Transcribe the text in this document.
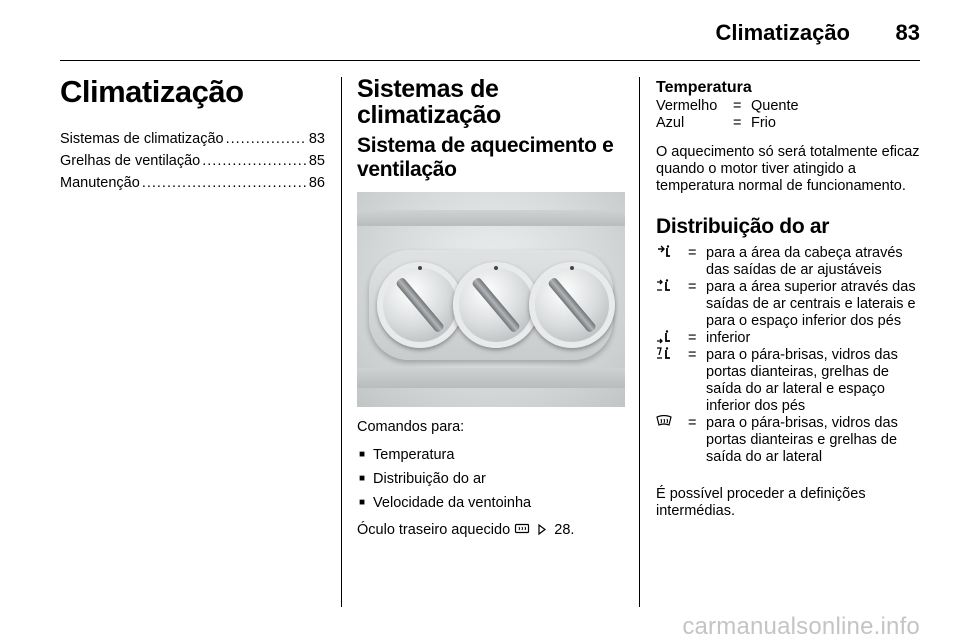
Climatização 83
Climatização
Sistemas de climatização .....	83
Grelhas de ventilação .....	85
Manutenção .....	86
Sistemas de
climatização
Sistema de aquecimento e
ventilação

Comandos para:

■ Temperatura
■ Distribuição do ar
■ Velocidade da ventoinha

Óculo traseiro aquecido	28.

Temperatura
Vermelho	=	Quente
Azul	=	Frio

O aquecimento só será totalmente eficaz quando o motor tiver atingido a temperatura normal de funcionamento.

Distribuição do ar
= para a área da cabeça através das saídas de ar ajustáveis
= para a área superior através das saídas de ar centrais e laterais e para o espaço inferior dos pés
= inferior
= para o pára-brisas, vidros das portas dianteiras, grelhas de saída do ar lateral e espaço inferior dos pés
= para o pára-brisas, vidros das portas dianteiras e grelhas de saída do ar lateral

É possível proceder a definições intermédias.

carmanualsonline.info
